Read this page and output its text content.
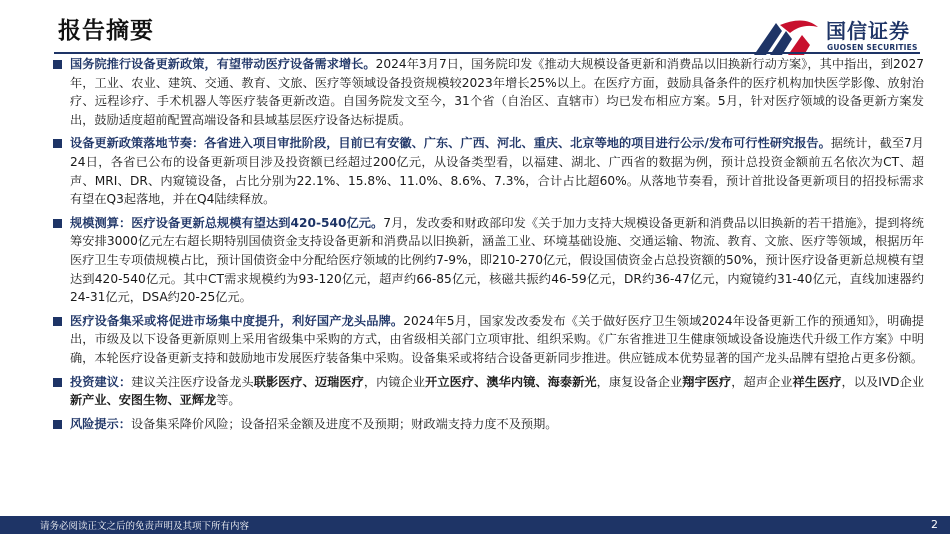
报告摘要	国信证券
GUOSEN SECURITIES
国务院推行设备更新政策，有望带动医疗设备需求增长。2024年3月7日，国务院印发《推动大规模设备更新和消费品以旧换新行动方案》，其中指出，到2027年，工业、农业、建筑、交通、教育、文旅、医疗等领域设备投资规模较2023年增长25%以上。在医疗方面，鼓励具备条件的医疗机构加快医学影像、放射治疗、远程诊疗、手术机器人等医疗装备更新改造。自国务院发文至今，31个省（自治区、直辖市）均已发布相应方案。5月，针对医疗领域的设备更新方案发出，鼓励适度超前配置高端设备和县域基层医疗设备达标提质。
设备更新政策落地节奏：各省进入项目审批阶段，目前已有安徽、广东、广西、河北、重庆、北京等地的项目进行公示/发布可行性研究报告。据统计，截至7月24日，各省已公布的设备更新项目涉及投资额已经超过200亿元，从设备类型看，以福建、湖北、广西省的数据为例，预计总投资金额前五名依次为CT、超声、MRI、DR、内窥镜设备，占比分别为22.1%、15.8%、11.0%、8.6%、7.3%，合计占比超60%。从落地节奏看，预计首批设备更新项目的招投标需求有望在Q3起落地，并在Q4陆续释放。
规模测算：医疗设备更新总规模有望达到420-540亿元。7月，发改委和财政部印发《关于加力支持大规模设备更新和消费品以旧换新的若干措施》，提到将统筹安排3000亿元左右超长期特别国债资金支持设备更新和消费品以旧换新，涵盖工业、环境基础设施、交通运输、物流、教育、文旅、医疗等领域，根据历年医疗卫生专项债规模占比，预计国债资金中分配给医疗领域的比例约7-9%，即210-270亿元，假设国债资金占总投资额的50%，预计医疗设备更新总规模有望达到420-540亿元。其中CT需求规模约为93-120亿元，超声约66-85亿元，核磁共振约46-59亿元，DR约36-47亿元，内窥镜约31-40亿元，直线加速器约24-31亿元，DSA约20-25亿元。
医疗设备集采或将促进市场集中度提升，利好国产龙头品牌。2024年5月，国家发改委发布《关于做好医疗卫生领域2024年设备更新工作的预通知》，明确提出，市级及以下设备更新原则上采用省级集中采购的方式，由省级相关部门立项审批、组织采购。《广东省推进卫生健康领域设备设施迭代升级工作方案》中明确，本轮医疗设备更新支持和鼓励地市发展医疗装备集中采购。设备集采或将结合设备更新同步推进。供应链成本优势显著的国产龙头品牌有望抢占更多份额。
投资建议：建议关注医疗设备龙头联影医疗、迈瑞医疗，内镜企业开立医疗、澳华内镜、海泰新光，康复设备企业翔宇医疗，超声企业祥生医疗，以及IVD企业新产业、安图生物、亚辉龙等。
风险提示：设备集采降价风险；设备招采金额及进度不及预期；财政端支持力度不及预期。
请务必阅读正文之后的免责声明及其项下所有内容	2
